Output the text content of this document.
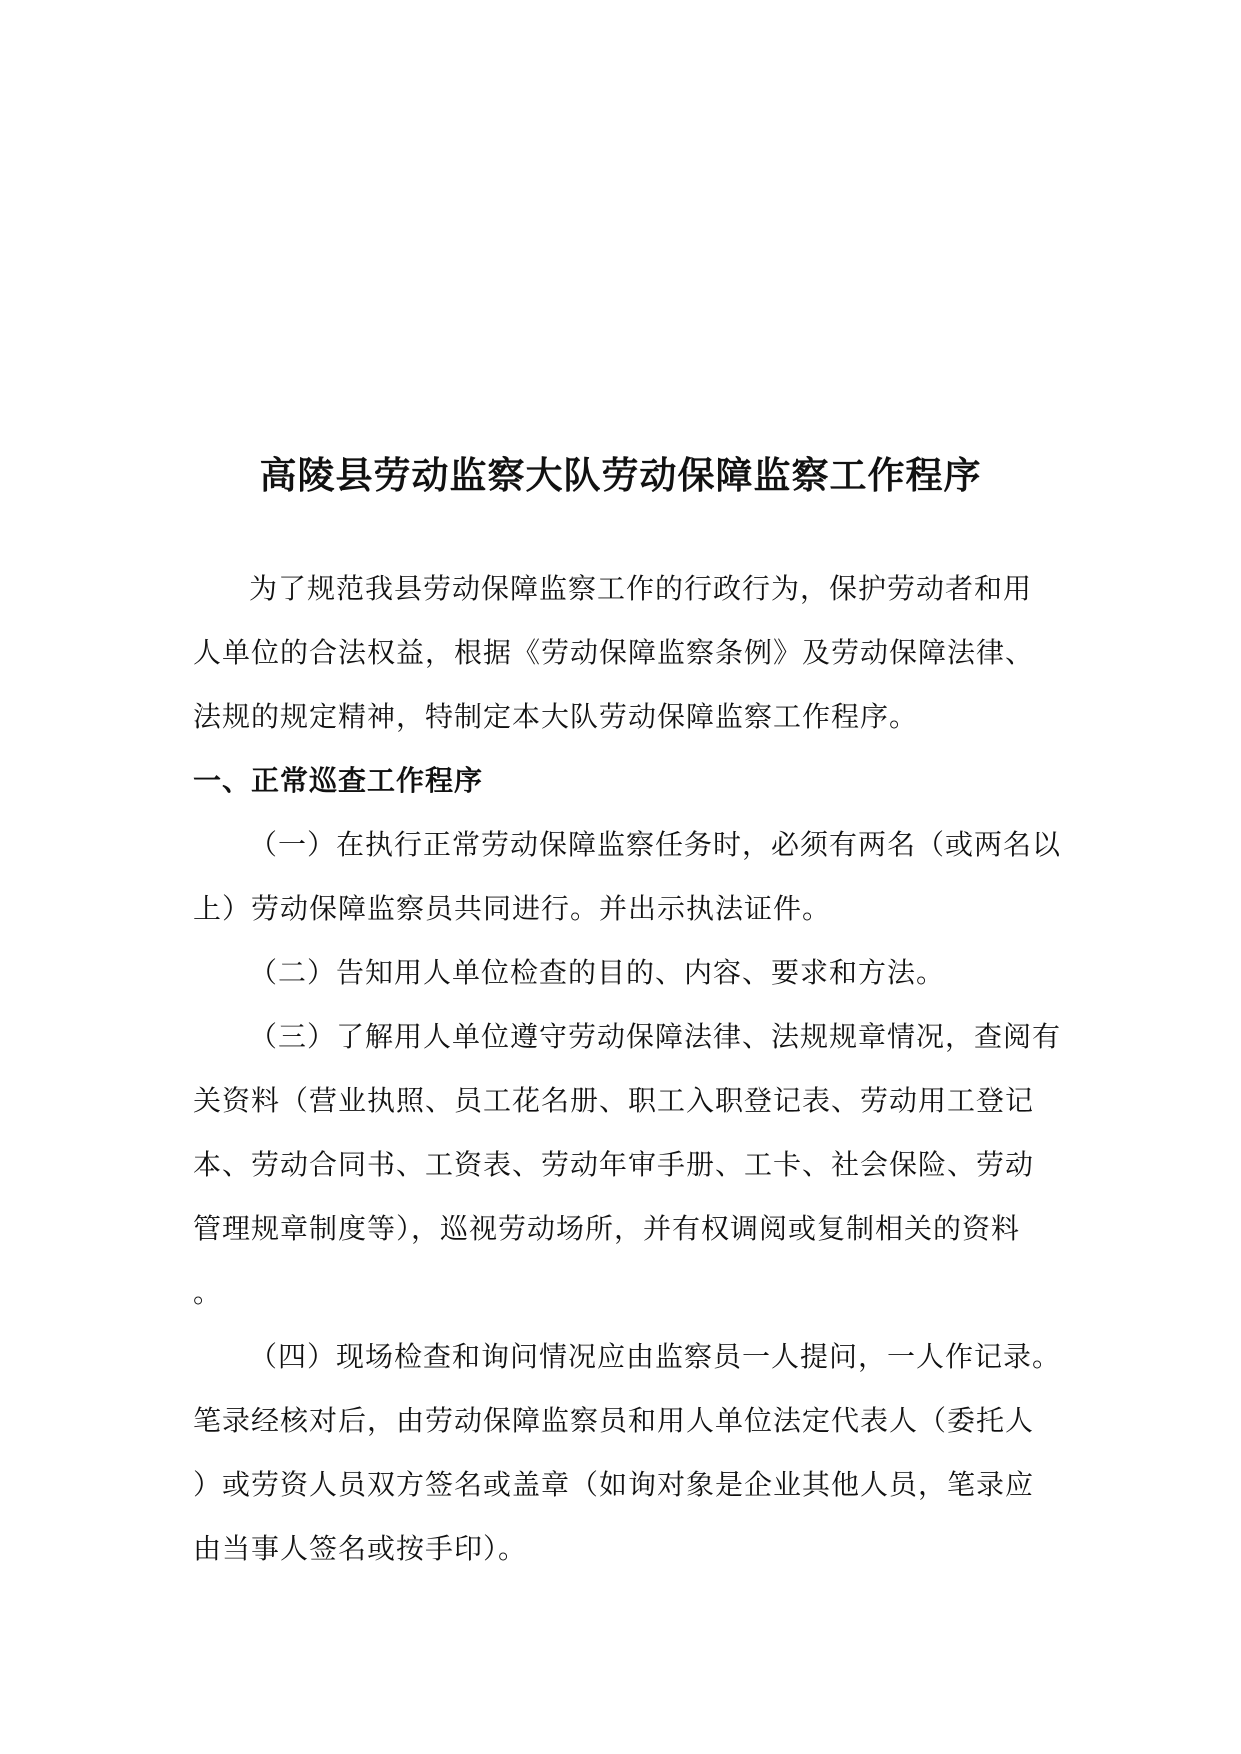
高陵县劳动监察大队劳动保障监察工作程序
为了规范我县劳动保障监察工作的行政行为，保护劳动者和用
人单位的合法权益，根据《劳动保障监察条例》及劳动保障法律、
法规的规定精神，特制定本大队劳动保障监察工作程序。
一、正常巡查工作程序
（一）在执行正常劳动保障监察任务时，必须有两名（或两名以
上）劳动保障监察员共同进行。并出示执法证件。
（二）告知用人单位检查的目的、内容、要求和方法。
（三）了解用人单位遵守劳动保障法律、法规规章情况，查阅有
关资料（营业执照、员工花名册、职工入职登记表、劳动用工登记
本、劳动合同书、工资表、劳动年审手册、工卡、社会保险、劳动
管理规章制度等），巡视劳动场所，并有权调阅或复制相关的资料
。
（四）现场检查和询问情况应由监察员一人提问，一人作记录。
笔录经核对后，由劳动保障监察员和用人单位法定代表人（委托人
）或劳资人员双方签名或盖章（如询对象是企业其他人员，笔录应
由当事人签名或按手印）。
